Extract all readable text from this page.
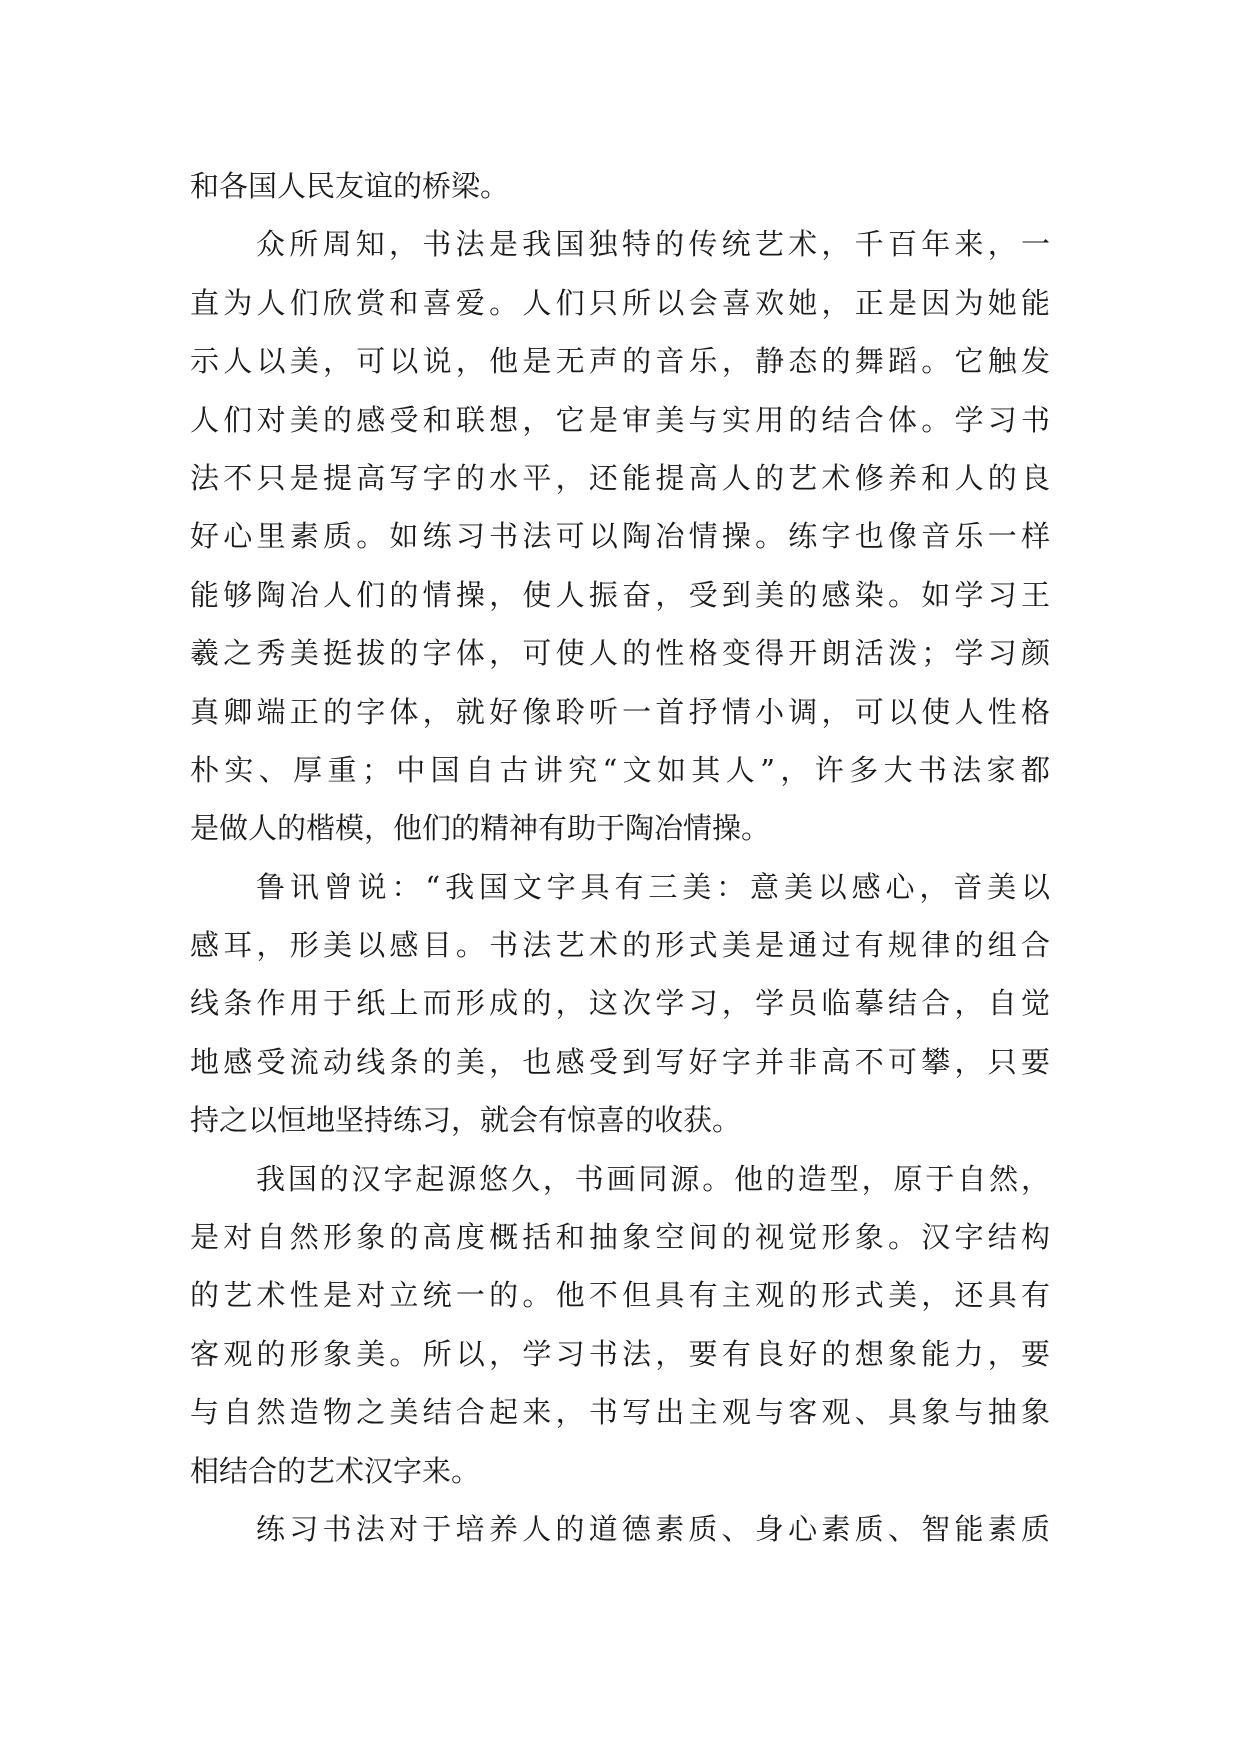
和各国人民友谊的桥梁。
众所周知，书法是我国独特的传统艺术，千百年来，一
直为人们欣赏和喜爱。人们只所以会喜欢她，正是因为她能
示人以美，可以说，他是无声的音乐，静态的舞蹈。它触发
人们对美的感受和联想，它是审美与实用的结合体。学习书
法不只是提高写字的水平，还能提高人的艺术修养和人的良
好心里素质。如练习书法可以陶冶情操。练字也像音乐一样
能够陶冶人们的情操，使人振奋，受到美的感染。如学习王
羲之秀美挺拔的字体，可使人的性格变得开朗活泼；学习颜
真卿端正的字体，就好像聆听一首抒情小调，可以使人性格
朴实、厚重；中国自古讲究“文如其人”，许多大书法家都
是做人的楷模，他们的精神有助于陶冶情操。
鲁讯曾说：“我国文字具有三美：意美以感心，音美以
感耳，形美以感目。书法艺术的形式美是通过有规律的组合
线条作用于纸上而形成的，这次学习，学员临摹结合，自觉
地感受流动线条的美，也感受到写好字并非高不可攀，只要
持之以恒地坚持练习，就会有惊喜的收获。
我国的汉字起源悠久，书画同源。他的造型，原于自然，
是对自然形象的高度概括和抽象空间的视觉形象。汉字结构
的艺术性是对立统一的。他不但具有主观的形式美，还具有
客观的形象美。所以，学习书法，要有良好的想象能力，要
与自然造物之美结合起来，书写出主观与客观、具象与抽象
相结合的艺术汉字来。
练习书法对于培养人的道德素质、身心素质、智能素质
